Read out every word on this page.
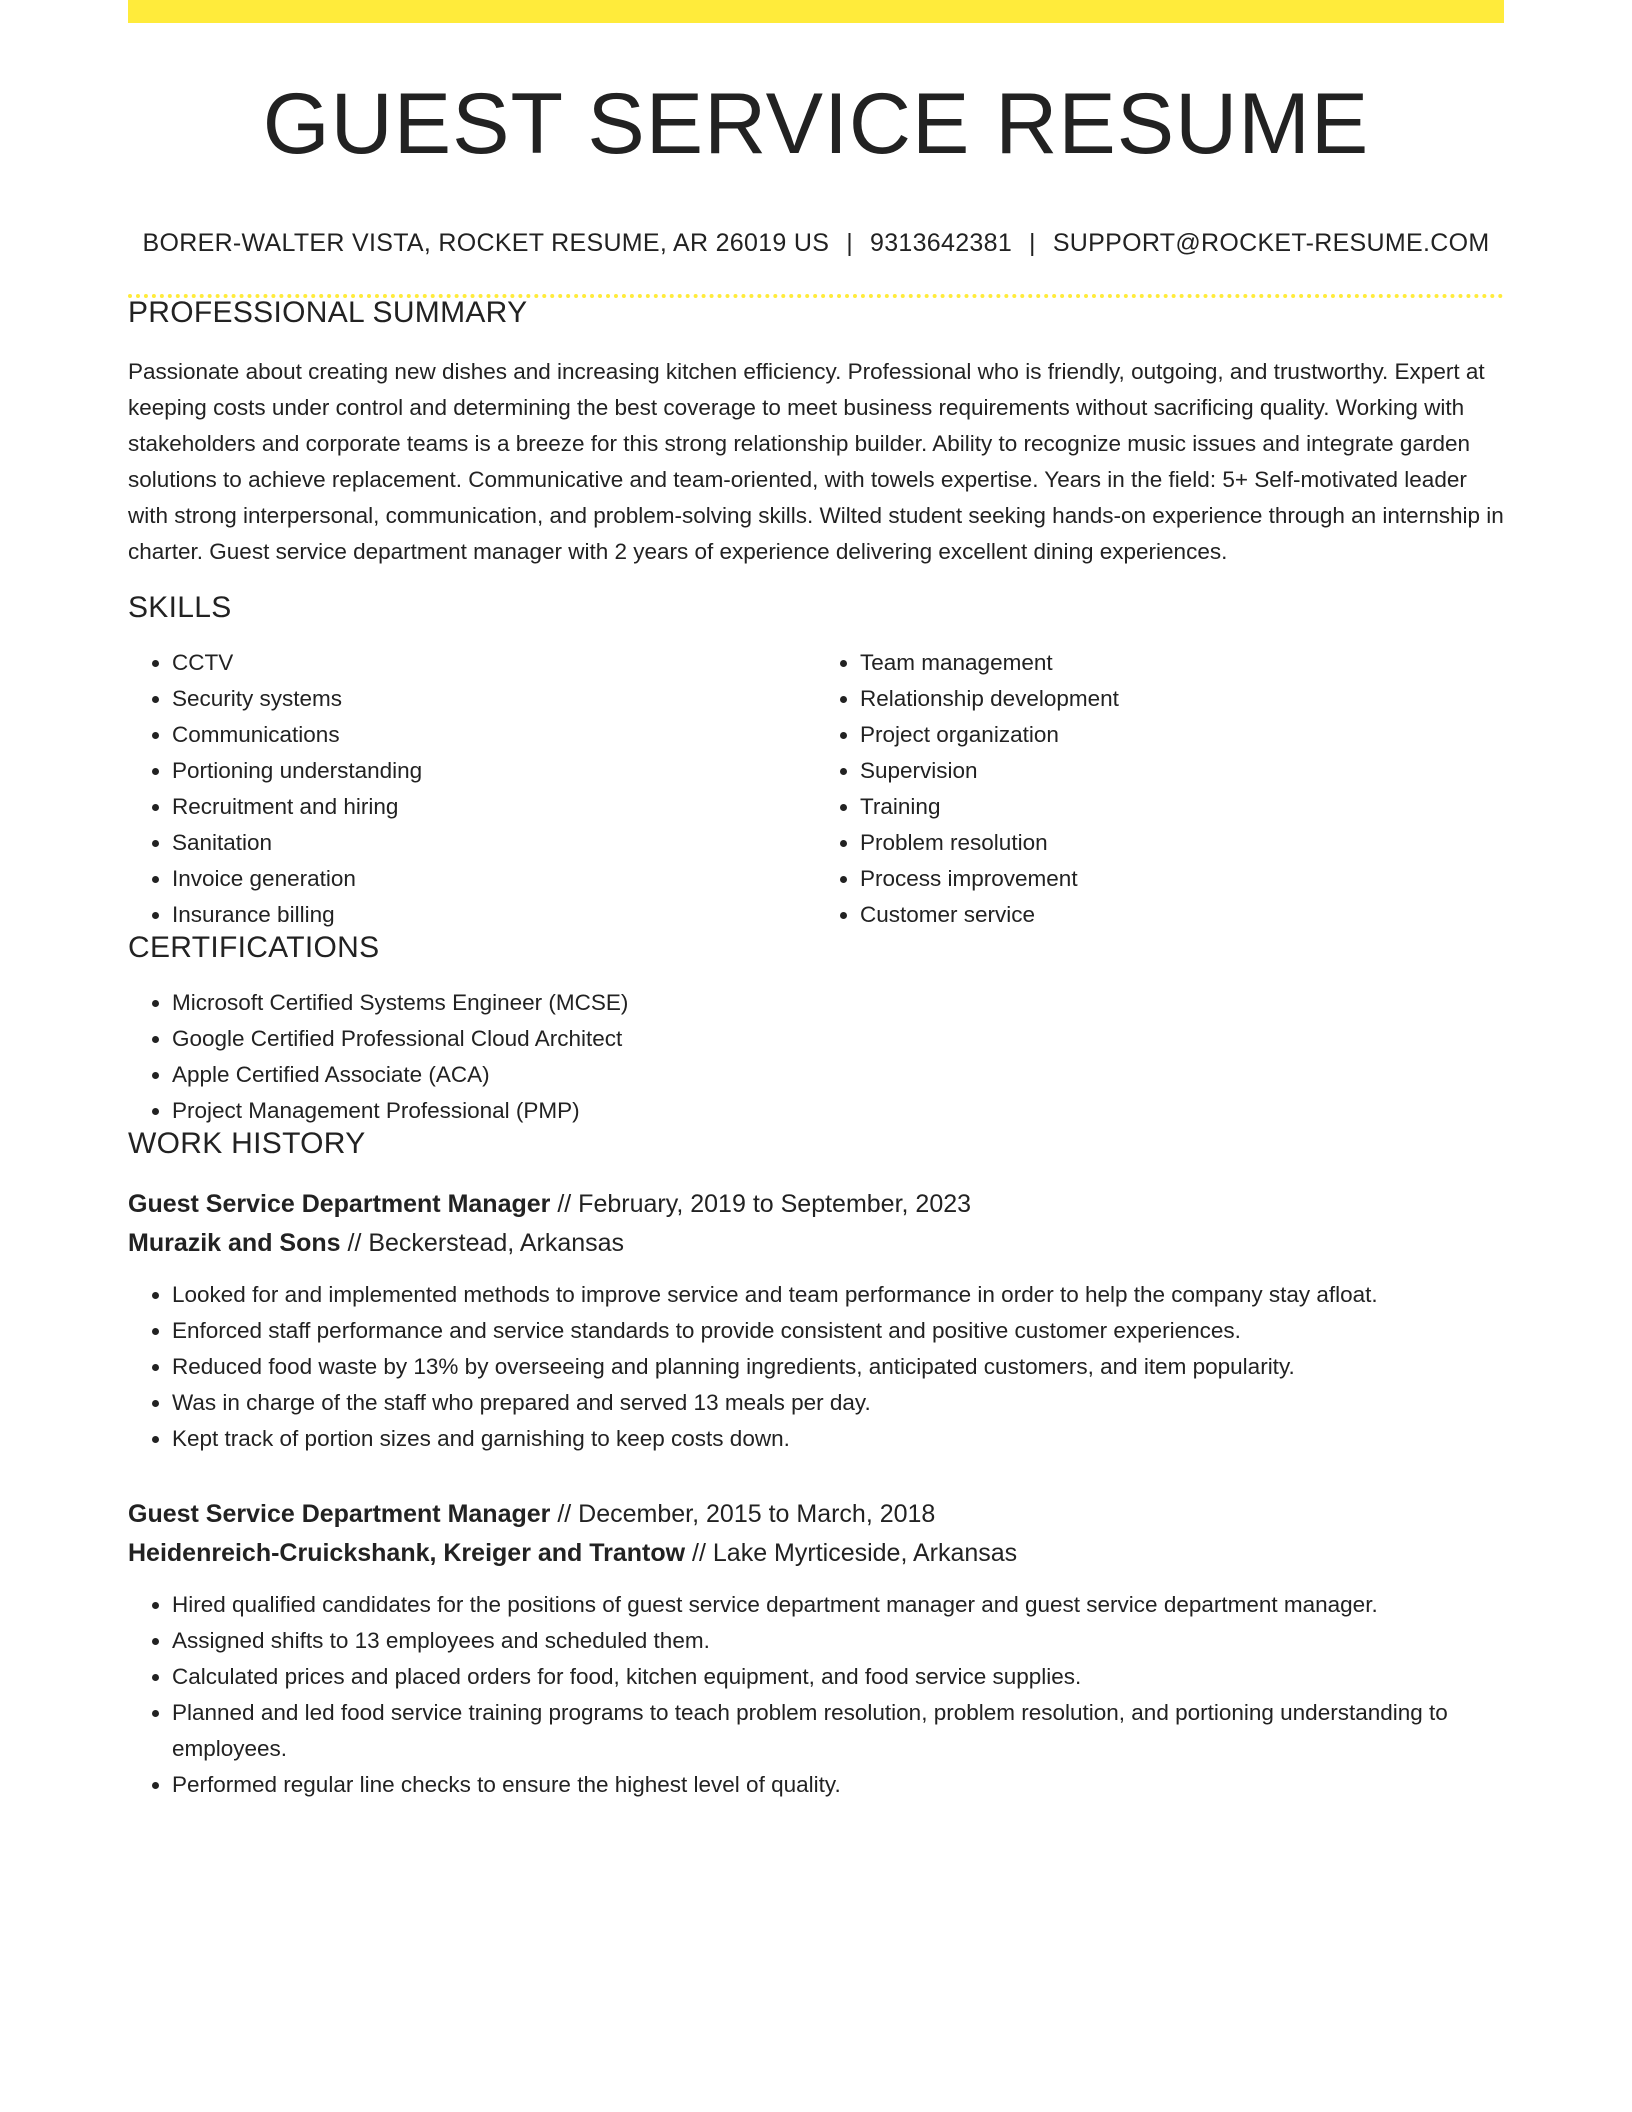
GUEST SERVICE RESUME
BORER-WALTER VISTA, ROCKET RESUME, AR 26019 US | 9313642381 | SUPPORT@ROCKET-RESUME.COM
PROFESSIONAL SUMMARY

Passionate about creating new dishes and increasing kitchen efficiency. Professional who is friendly, outgoing, and trustworthy. Expert at keeping costs under control and determining the best coverage to meet business requirements without sacrificing quality. Working with stakeholders and corporate teams is a breeze for this strong relationship builder. Ability to recognize music issues and integrate garden solutions to achieve replacement. Communicative and team-oriented, with towels expertise. Years in the field: 5+ Self-motivated leader with strong interpersonal, communication, and problem-solving skills. Wilted student seeking hands-on experience through an internship in charter. Guest service department manager with 2 years of experience delivering excellent dining experiences.

SKILLS
• CCTV
• Security systems
• Communications
• Portioning understanding
• Recruitment and hiring
• Sanitation
• Invoice generation
• Insurance billing
• Team management
• Relationship development
• Project organization
• Supervision
• Training
• Problem resolution
• Process improvement
• Customer service
CERTIFICATIONS
• Microsoft Certified Systems Engineer (MCSE)
• Google Certified Professional Cloud Architect
• Apple Certified Associate (ACA)
• Project Management Professional (PMP)
WORK HISTORY
Guest Service Department Manager // February, 2019 to September, 2023
Murazik and Sons // Beckerstead, Arkansas
• Looked for and implemented methods to improve service and team performance in order to help the company stay afloat.
• Enforced staff performance and service standards to provide consistent and positive customer experiences.
• Reduced food waste by 13% by overseeing and planning ingredients, anticipated customers, and item popularity.
• Was in charge of the staff who prepared and served 13 meals per day.
• Kept track of portion sizes and garnishing to keep costs down.
Guest Service Department Manager // December, 2015 to March, 2018
Heidenreich-Cruickshank, Kreiger and Trantow // Lake Myrticeside, Arkansas
• Hired qualified candidates for the positions of guest service department manager and guest service department manager.
• Assigned shifts to 13 employees and scheduled them.
• Calculated prices and placed orders for food, kitchen equipment, and food service supplies.
• Planned and led food service training programs to teach problem resolution, problem resolution, and portioning understanding to employees.
• Performed regular line checks to ensure the highest level of quality.
